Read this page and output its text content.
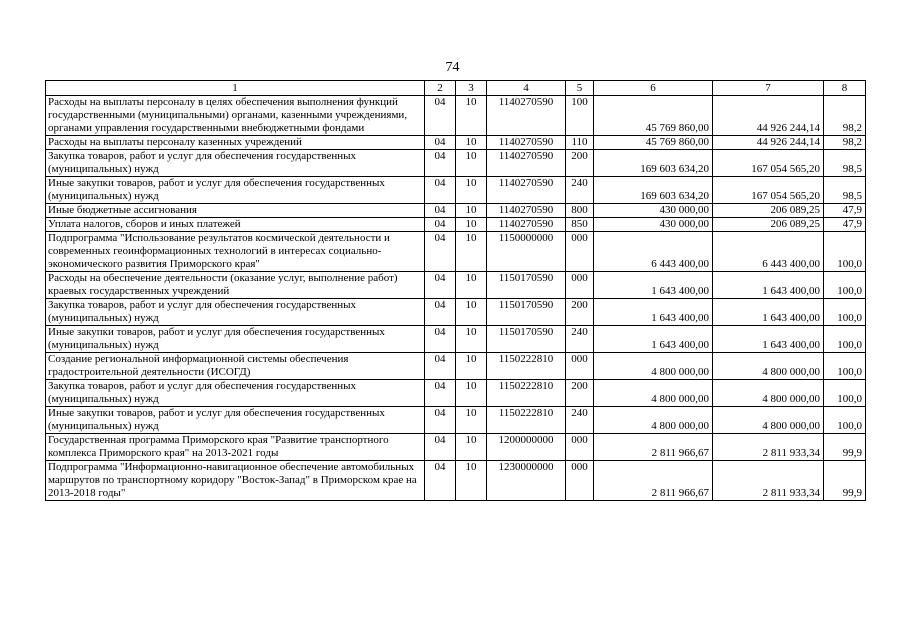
74
1	2	3	4	5	6	7	8
Расходы на выплаты персоналу в целях обеспечения выполнения функций государственными (муниципальными) органами, казенными учреждениями, органами управления государственными внебюджетными фондами	04	10	1140270590	100	45 769 860,00	44 926 244,14	98,2
Расходы на выплаты персоналу казенных учреждений	04	10	1140270590	110	45 769 860,00	44 926 244,14	98,2
Закупка товаров, работ и услуг для обеспечения государственных (муниципальных) нужд	04	10	1140270590	200	169 603 634,20	167 054 565,20	98,5
Иные закупки товаров, работ и услуг для обеспечения государственных (муниципальных) нужд	04	10	1140270590	240	169 603 634,20	167 054 565,20	98,5
Иные бюджетные ассигнования	04	10	1140270590	800	430 000,00	206 089,25	47,9
Уплата налогов, сборов и иных платежей	04	10	1140270590	850	430 000,00	206 089,25	47,9
Подпрограмма "Использование результатов космической деятельности и современных геоинформационных технологий в интересах социально-экономического развития Приморского края"	04	10	1150000000	000	6 443 400,00	6 443 400,00	100,0
Расходы на обеспечение деятельности (оказание услуг, выполнение работ) краевых государственных учреждений	04	10	1150170590	000	1 643 400,00	1 643 400,00	100,0
Закупка товаров, работ и услуг для обеспечения государственных (муниципальных) нужд	04	10	1150170590	200	1 643 400,00	1 643 400,00	100,0
Иные закупки товаров, работ и услуг для обеспечения государственных (муниципальных) нужд	04	10	1150170590	240	1 643 400,00	1 643 400,00	100,0
Создание региональной информационной системы обеспечения градостроительной деятельности (ИСОГД)	04	10	1150222810	000	4 800 000,00	4 800 000,00	100,0
Закупка товаров, работ и услуг для обеспечения государственных (муниципальных) нужд	04	10	1150222810	200	4 800 000,00	4 800 000,00	100,0
Иные закупки товаров, работ и услуг для обеспечения государственных (муниципальных) нужд	04	10	1150222810	240	4 800 000,00	4 800 000,00	100,0
Государственная программа Приморского края "Развитие транспортного комплекса Приморского края" на 2013-2021 годы	04	10	1200000000	000	2 811 966,67	2 811 933,34	99,9
Подпрограмма "Информационно-навигационное обеспечение автомобильных маршрутов по транспортному коридору "Восток-Запад" в Приморском крае на 2013-2018 годы"	04	10	1230000000	000	2 811 966,67	2 811 933,34	99,9
